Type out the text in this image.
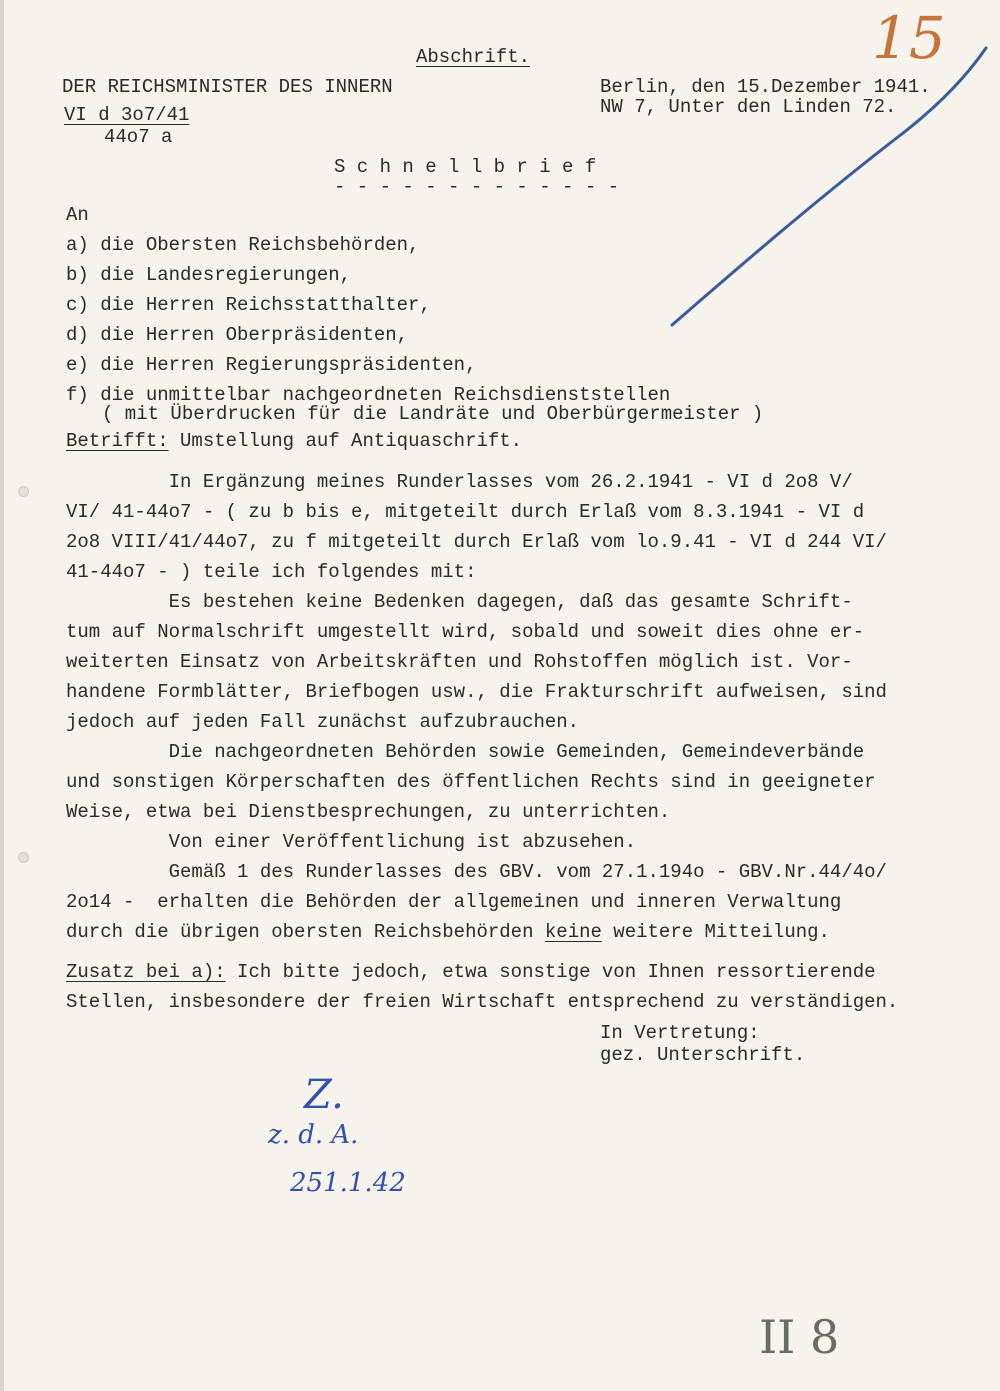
15
Abschrift.
DER REICHSMINISTER DES INNERN
VI d 3o7/41
44o7 a
Berlin, den 15.Dezember 1941.
NW 7, Unter den Linden 72.
S c h n e l l b r i e f
- - - - - - - - - - - - -
An
a) die Obersten Reichsbehörden,
b) die Landesregierungen,
c) die Herren Reichsstatthalter,
d) die Herren Oberpräsidenten,
e) die Herren Regierungspräsidenten,
f) die unmittelbar nachgeordneten Reichsdienststellen
( mit Überdrucken für die Landräte und Oberbürgermeister )
Betrifft: Umstellung auf Antiquaschrift.
In Ergänzung meines Runderlasses vom 26.2.1941 - VI d 2o8 V/
VI/ 41-44o7 - ( zu b bis e, mitgeteilt durch Erlaß vom 8.3.1941 - VI d
2o8 VIII/41/44o7, zu f mitgeteilt durch Erlaß vom lo.9.41 - VI d 244 VI/
41-44o7 - ) teile ich folgendes mit:
Es bestehen keine Bedenken dagegen, daß das gesamte Schrift-
tum auf Normalschrift umgestellt wird, sobald und soweit dies ohne er-
weiterten Einsatz von Arbeitskräften und Rohstoffen möglich ist. Vor-
handene Formblätter, Briefbogen usw., die Frakturschrift aufweisen, sind
jedoch auf jeden Fall zunächst aufzubrauchen.
Die nachgeordneten Behörden sowie Gemeinden, Gemeindeverbände
und sonstigen Körperschaften des öffentlichen Rechts sind in geeigneter
Weise, etwa bei Dienstbesprechungen, zu unterrichten.
Von einer Veröffentlichung ist abzusehen.
Gemäß 1 des Runderlasses des GBV. vom 27.1.194o - GBV.Nr.44/4o/
2o14 -  erhalten die Behörden der allgemeinen und inneren Verwaltung
durch die übrigen obersten Reichsbehörden keine weitere Mitteilung.
Zusatz bei a): Ich bitte jedoch, etwa sonstige von Ihnen ressortierende
Stellen, insbesondere der freien Wirtschaft entsprechend zu verständigen.
In Vertretung:
gez. Unterschrift.
Z.
z. d. A.
251.1.42
II 8
